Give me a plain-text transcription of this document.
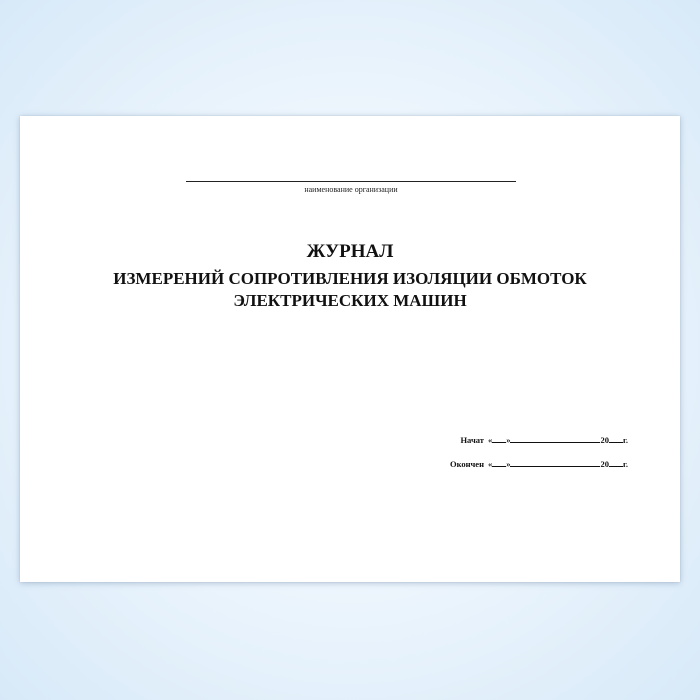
наименование организации
ЖУРНАЛ
ИЗМЕРЕНИЙ СОПРОТИВЛЕНИЯ ИЗОЛЯЦИИ ОБМОТОК
ЭЛЕКТРИЧЕСКИХ МАШИН
Начат « »	20 г.
Окончен « »	20 г.
